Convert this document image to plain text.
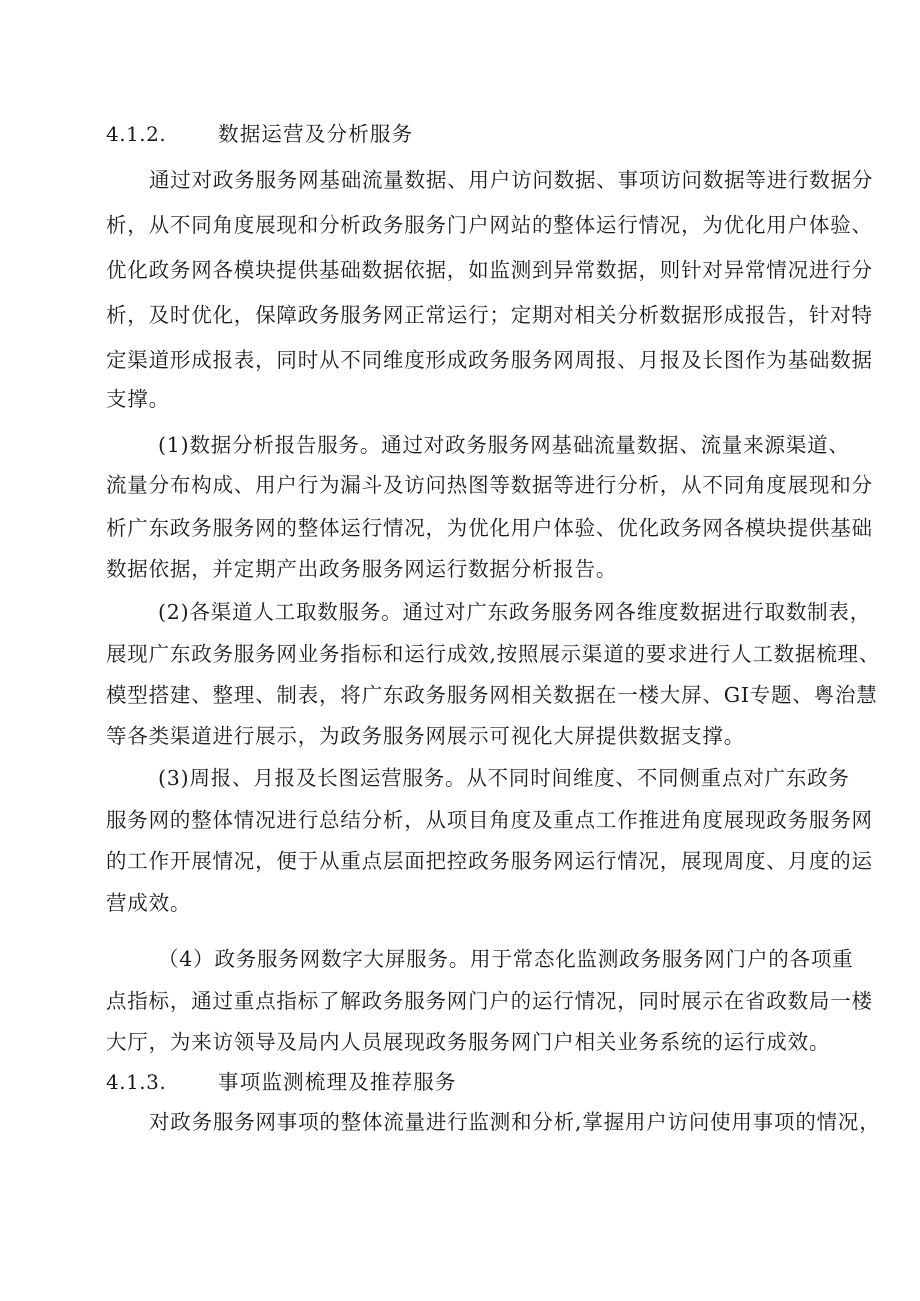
4.1.2.	数据运营及分析服务
通过对政务服务网基础流量数据、用户访问数据、事项访问数据等进行数据分
析，从不同角度展现和分析政务服务门户网站的整体运行情况，为优化用户体验、
优化政务网各模块提供基础数据依据，如监测到异常数据，则针对异常情况进行分
析，及时优化，保障政务服务网正常运行；定期对相关分析数据形成报告，针对特
定渠道形成报表，同时从不同维度形成政务服务网周报、月报及长图作为基础数据
支撑。
(1)数据分析报告服务。通过对政务服务网基础流量数据、流量来源渠道、
流量分布构成、用户行为漏斗及访问热图等数据等进行分析，从不同角度展现和分
析广东政务服务网的整体运行情况，为优化用户体验、优化政务网各模块提供基础
数据依据，并定期产出政务服务网运行数据分析报告。
(2)各渠道人工取数服务。通过对广东政务服务网各维度数据进行取数制表，
展现广东政务服务网业务指标和运行成效,按照展示渠道的要求进行人工数据梳理、
模型搭建、整理、制表，将广东政务服务网相关数据在一楼大屏、GI专题、粤治慧
等各类渠道进行展示，为政务服务网展示可视化大屏提供数据支撑。
(3)周报、月报及长图运营服务。从不同时间维度、不同侧重点对广东政务
服务网的整体情况进行总结分析，从项目角度及重点工作推进角度展现政务服务网
的工作开展情况，便于从重点层面把控政务服务网运行情况，展现周度、月度的运
营成效。
（4）政务服务网数字大屏服务。用于常态化监测政务服务网门户的各项重
点指标，通过重点指标了解政务服务网门户的运行情况，同时展示在省政数局一楼
大厅，为来访领导及局内人员展现政务服务网门户相关业务系统的运行成效。
4.1.3.	事项监测梳理及推荐服务
对政务服务网事项的整体流量进行监测和分析,掌握用户访问使用事项的情况，
